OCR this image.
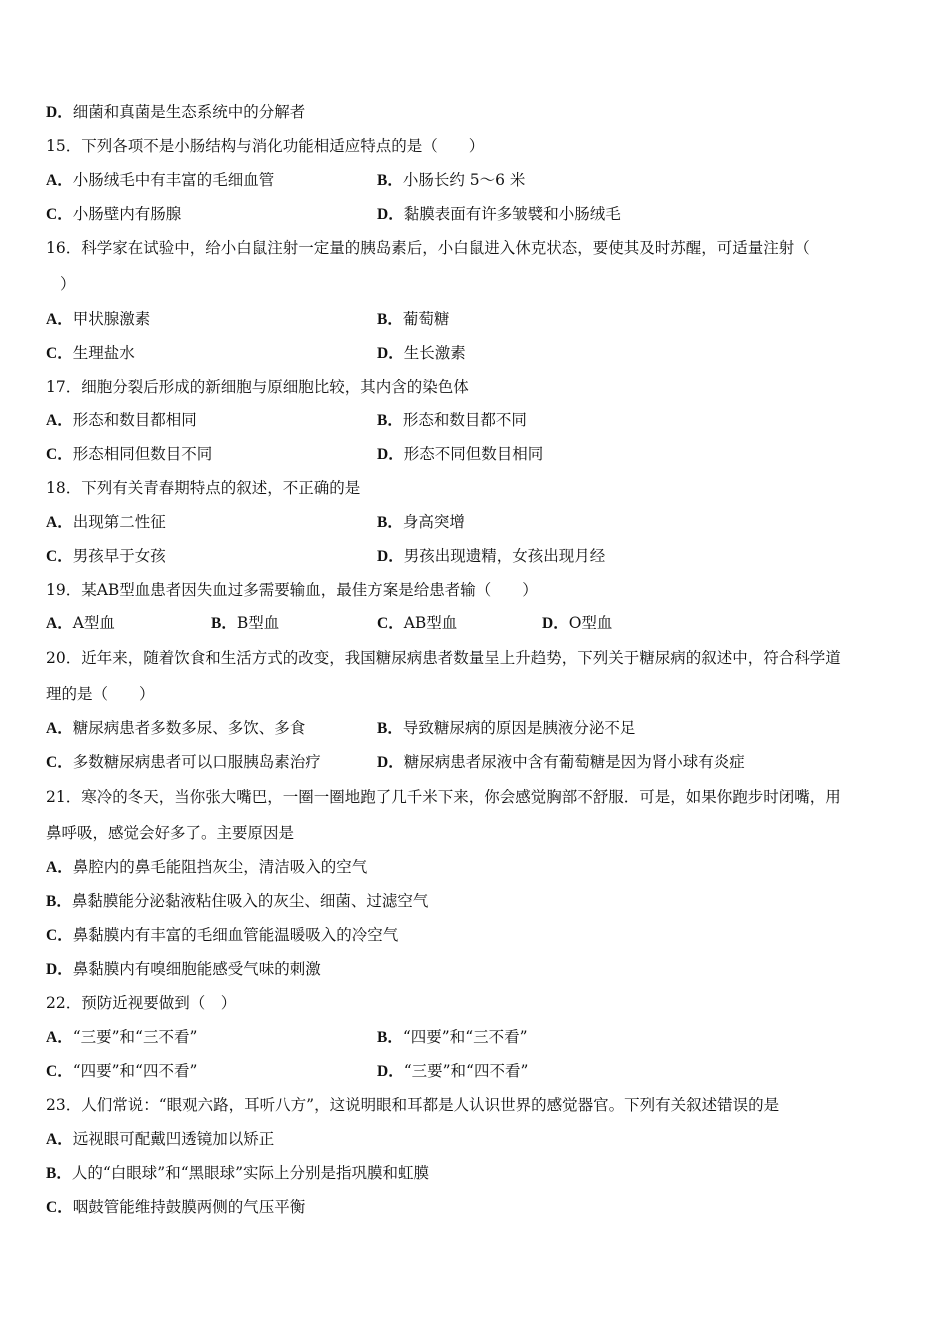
D．细菌和真菌是生态系统中的分解者
15．下列各项不是小肠结构与消化功能相适应特点的是（　　）
A．小肠绒毛中有丰富的毛细血管	B．小肠长约 5～6 米
C．小肠壁内有肠腺	D．黏膜表面有许多皱襞和小肠绒毛
16．科学家在试验中，给小白鼠注射一定量的胰岛素后，小白鼠进入休克状态，要使其及时苏醒，可适量注射（
）
A．甲状腺激素	B．葡萄糖
C．生理盐水	D．生长激素
17．细胞分裂后形成的新细胞与原细胞比较，其内含的染色体
A．形态和数目都相同	B．形态和数目都不同
C．形态相同但数目不同	D．形态不同但数目相同
18．下列有关青春期特点的叙述，不正确的是
A．出现第二性征	B．身高突增
C．男孩早于女孩	D．男孩出现遗精，女孩出现月经
19．某AB型血患者因失血过多需要输血，最佳方案是给患者输（　　）
A．A型血	B．B型血	C．AB型血	D．O型血
20．近年来，随着饮食和生活方式的改变，我国糖尿病患者数量呈上升趋势，下列关于糖尿病的叙述中，符合科学道
理的是（　　）
A．糖尿病患者多数多尿、多饮、多食	B．导致糖尿病的原因是胰液分泌不足
C．多数糖尿病患者可以口服胰岛素治疗	D．糖尿病患者尿液中含有葡萄糖是因为肾小球有炎症
21．寒冷的冬天，当你张大嘴巴，一圈一圈地跑了几千米下来，你会感觉胸部不舒服．可是，如果你跑步时闭嘴，用
鼻呼吸，感觉会好多了。主要原因是
A．鼻腔内的鼻毛能阻挡灰尘，清洁吸入的空气
B．鼻黏膜能分泌黏液粘住吸入的灰尘、细菌、过滤空气
C．鼻黏膜内有丰富的毛细血管能温暖吸入的冷空气
D．鼻黏膜内有嗅细胞能感受气味的刺激
22．预防近视要做到（　）
A．“三要”和“三不看”	B．“四要”和“三不看”
C．“四要”和“四不看”	D．“三要”和“四不看”
23．人们常说：“眼观六路，耳听八方”，这说明眼和耳都是人认识世界的感觉器官。下列有关叙述错误的是
A．远视眼可配戴凹透镜加以矫正
B．人的“白眼球”和“黑眼球”实际上分别是指巩膜和虹膜
C．咽鼓管能维持鼓膜两侧的气压平衡
